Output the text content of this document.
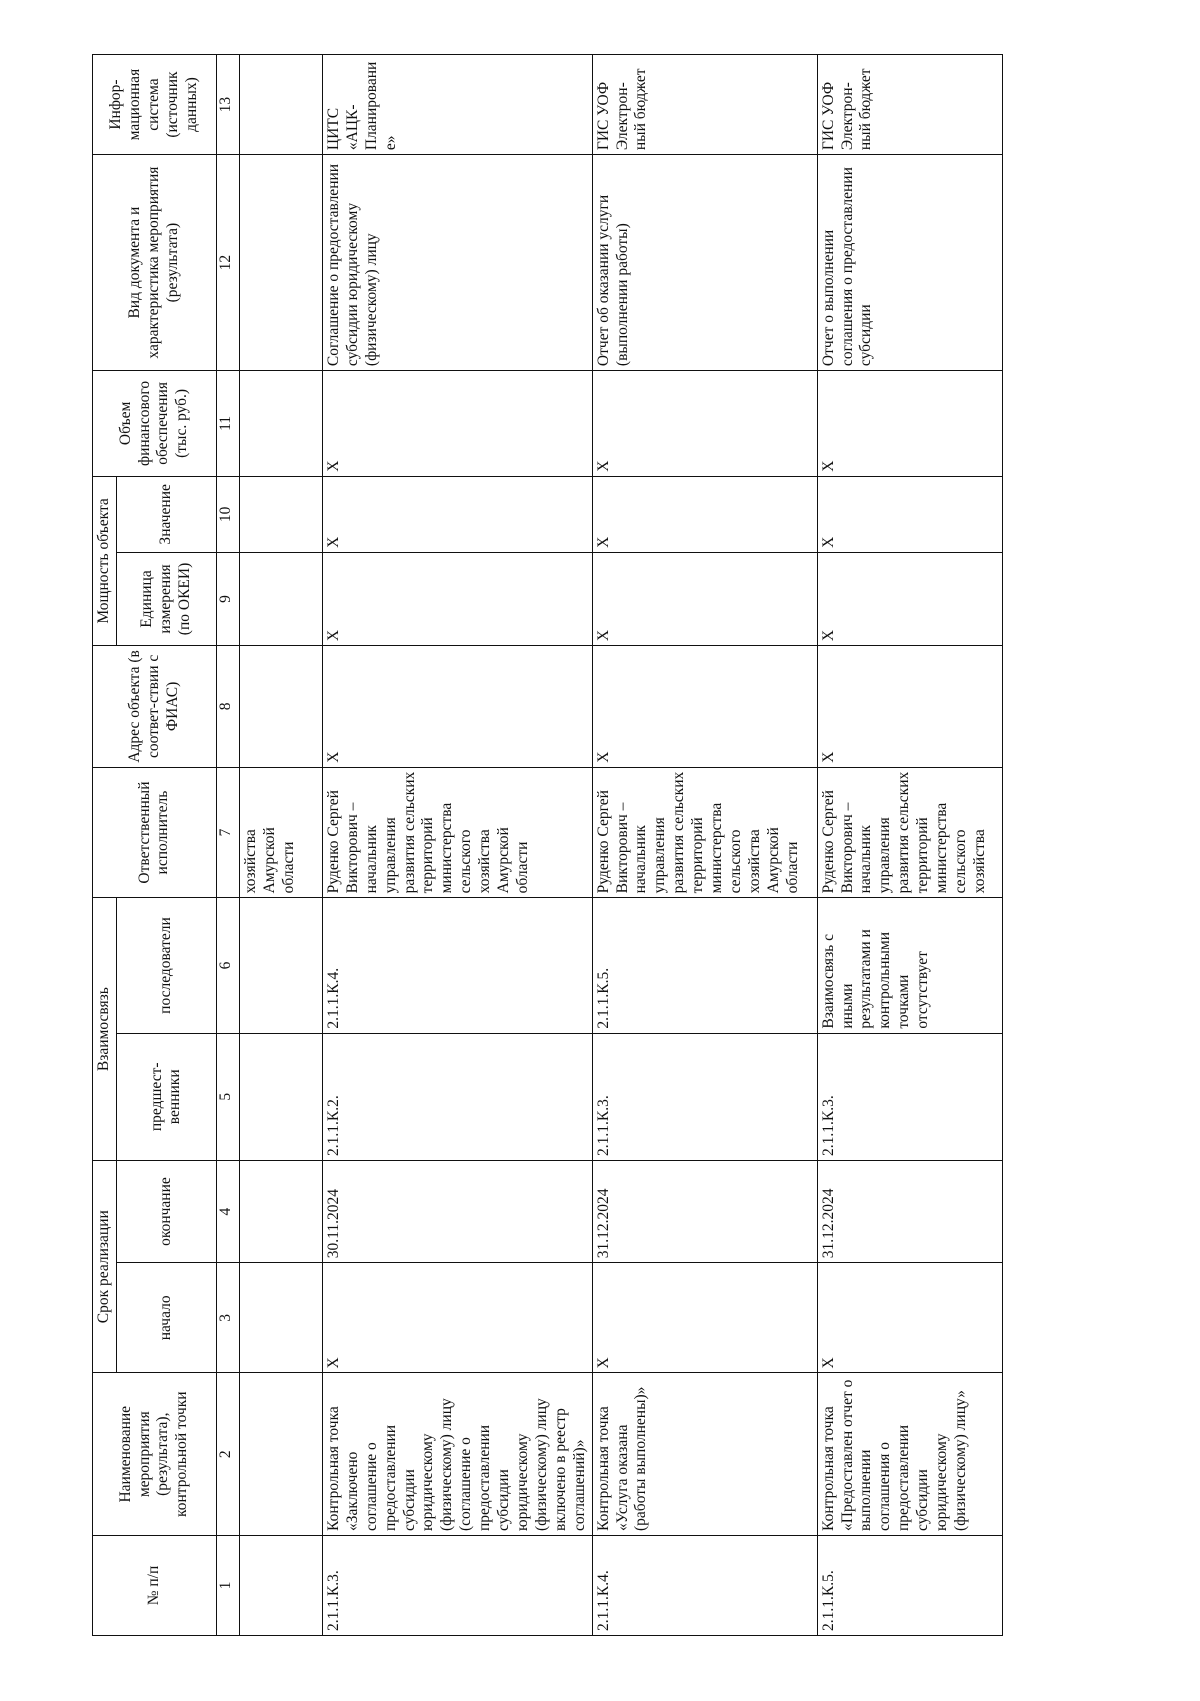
№ п/п	Наименование мероприятия (результата), контрольной точки	Срок реализации		Взаимосвязь		Ответственный исполнитель	Адрес объекта (в соответ-ствии с ФИАС)	Мощность объекта		Объем финансового обеспечения (тыс. руб.)	Вид документа и характеристика мероприятия (результата)	Инфор-мационная система (источник данных)
		начало	окончание	предшест-венники	последователи			Единица измерения (по ОКЕИ)	Значение			
1	2	3	4	5	6	7	8	9	10	11	12	13
						хозяйства Амурской области						
2.1.1.К.3.	Контрольная точка «Заключено соглашение о предоставлении субсидии юридическому (физическому) лицу (соглашение о предоставлении субсидии юридическому (физическому) лицу включено в реестр соглашений)»	X	30.11.2024	2.1.1.К.2.	2.1.1.К.4.	Руденко Сергей Викторович – начальник управления развития сельских территорий министерства сельского хозяйства Амурской области	X	X	X	X	Соглашение о предоставлении субсидии юридическому (физическому) лицу	ЦИТС «АЦК-Планирование»
2.1.1.К.4.	Контрольная точка «Услуга оказана (работы выполнены)»	X	31.12.2024	2.1.1.К.3.	2.1.1.К.5.	Руденко Сергей Викторович – начальник управления развития сельских территорий министерства сельского хозяйства Амурской области	X	X	X	X	Отчет об оказании услуги (выполнении работы)	ГИС УОФ Электрон-ный бюджет
2.1.1.К.5.	Контрольная точка «Предоставлен отчет о выполнении соглашения о предоставлении субсидии юридическому (физическому) лицу»	X	31.12.2024	2.1.1.К.3.	Взаимосвязь с иными результатами и контрольными точками отсутствует	Руденко Сергей Викторович – начальник управления развития сельских территорий министерства сельского хозяйства	X	X	X	X	Отчет о выполнении соглашения о предоставлении субсидии	ГИС УОФ Электрон-ный бюджет
